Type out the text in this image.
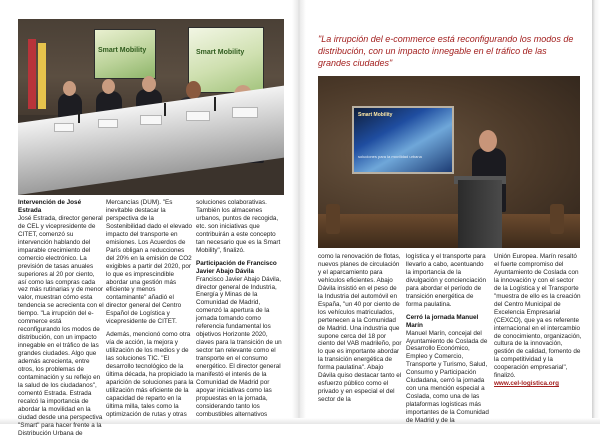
Smart Mobility	Smart Mobility

"La irrupción del e-commerce está reconfigurando los modos de distribución, con un impacto innegable en el tráfico de las grandes ciudades"

Smart Mobility
soluciones para la movilidad urbana

Intervención de José Estrada
José Estrada, director general de CEL y vicepresidente de CITET, comenzó su intervención hablando del imparable crecimiento del comercio electrónico. La previsión de tasas anuales superiores al 20 por ciento, así como las compras cada vez más rutinarias y de menor valor, muestran cómo esta tendencia se acrecienta con el tiempo. "La irrupción del e-commerce está reconfigurando los modos de distribución, con un impacto innegable en el tráfico de las grandes ciudades. Algo que además acrecienta, entre otros, los problemas de contaminación y su reflejo en la salud de los ciudadanos", comentó Estrada. Estrada recalcó la importancia de abordar la movilidad en la ciudad desde una perspectiva "Smart" para hacer frente a la Distribución Urbana de

Mercancías (DUM). "Es inevitable destacar la perspectiva de la Sostenibilidad dado el elevado impacto del transporte en emisiones. Los Acuerdos de París obligan a reducciones del 20% en la emisión de CO2 exigibles a partir del 2020, por lo que es imprescindible abordar una gestión más eficiente y menos contaminante" añadió el director general del Centro Español de Logística y vicepresidente de CITET.

Además, mencionó como otra vía de acción, la mejora y utilización de los medios y de las soluciones TIC. "El desarrollo tecnológico de la última década, ha propiciado la aparición de soluciones para la utilización más eficiente de la capacidad de reparto en la última milla, tales como la optimización de rutas y otras

soluciones colaborativas. También los almacenes urbanos, puntos de recogida, etc. son iniciativas que contribuirán a este concepto tan necesario que es la Smart Mobility", finalizó.

Participación de Francisco Javier Abajo Dávila
Francisco Javier Abajo Dávila, director general de Industria, Energía y Minas de la Comunidad de Madrid, comenzó la apertura de la jornada tomando como referencia fundamental los objetivos Horizonte 2020, claves para la transición de un sector tan relevante como el transporte en el consumo energético. El director general manifestó el interés de la Comunidad de Madrid por apoyar iniciativas como las propuestas en la jornada, considerando tanto los combustibles alternativos

como la renovación de flotas, nuevos planes de circulación y el aparcamiento para vehículos eficientes. Abajo Dávila insistió en el peso de la Industria del automóvil en España, "un 40 por ciento de los vehículos matriculados, pertenecen a la Comunidad de Madrid. Una industria que supone cerca del 18 por ciento del VAB madrileño, por lo que es importante abordar la transición energética de forma paulatina". Abajo Dávila quiso destacar tanto el esfuerzo público como el privado y en especial el del sector de la

logística y el transporte para llevarlo a cabo, acentuando la importancia de la divulgación y concienciación para abordar el período de transición energética de forma paulatina.

Cerró la jornada Manuel Marín
Manuel Marín, concejal del Ayuntamiento de Coslada de Desarrollo Económico, Empleo y Comercio, Transporte y Turismo, Salud, Consumo y Participación Ciudadana, cerró la jornada con una mención especial a Coslada, como una de las plataformas logísticas más importantes de la Comunidad de Madrid y de la

Unión Europea. Marín resaltó el fuerte compromiso del Ayuntamiento de Coslada con la innovación y con el sector de la Logística y el Transporte "muestra de ello es la creación del Centro Municipal de Excelencia Empresarial (CEXCO), que ya es referente internacional en el intercambio de conocimiento, organización, cultura de la innovación, gestión de calidad, fomento de la competitividad y la cooperación empresarial", finalizó.
www.cel-logistica.org
